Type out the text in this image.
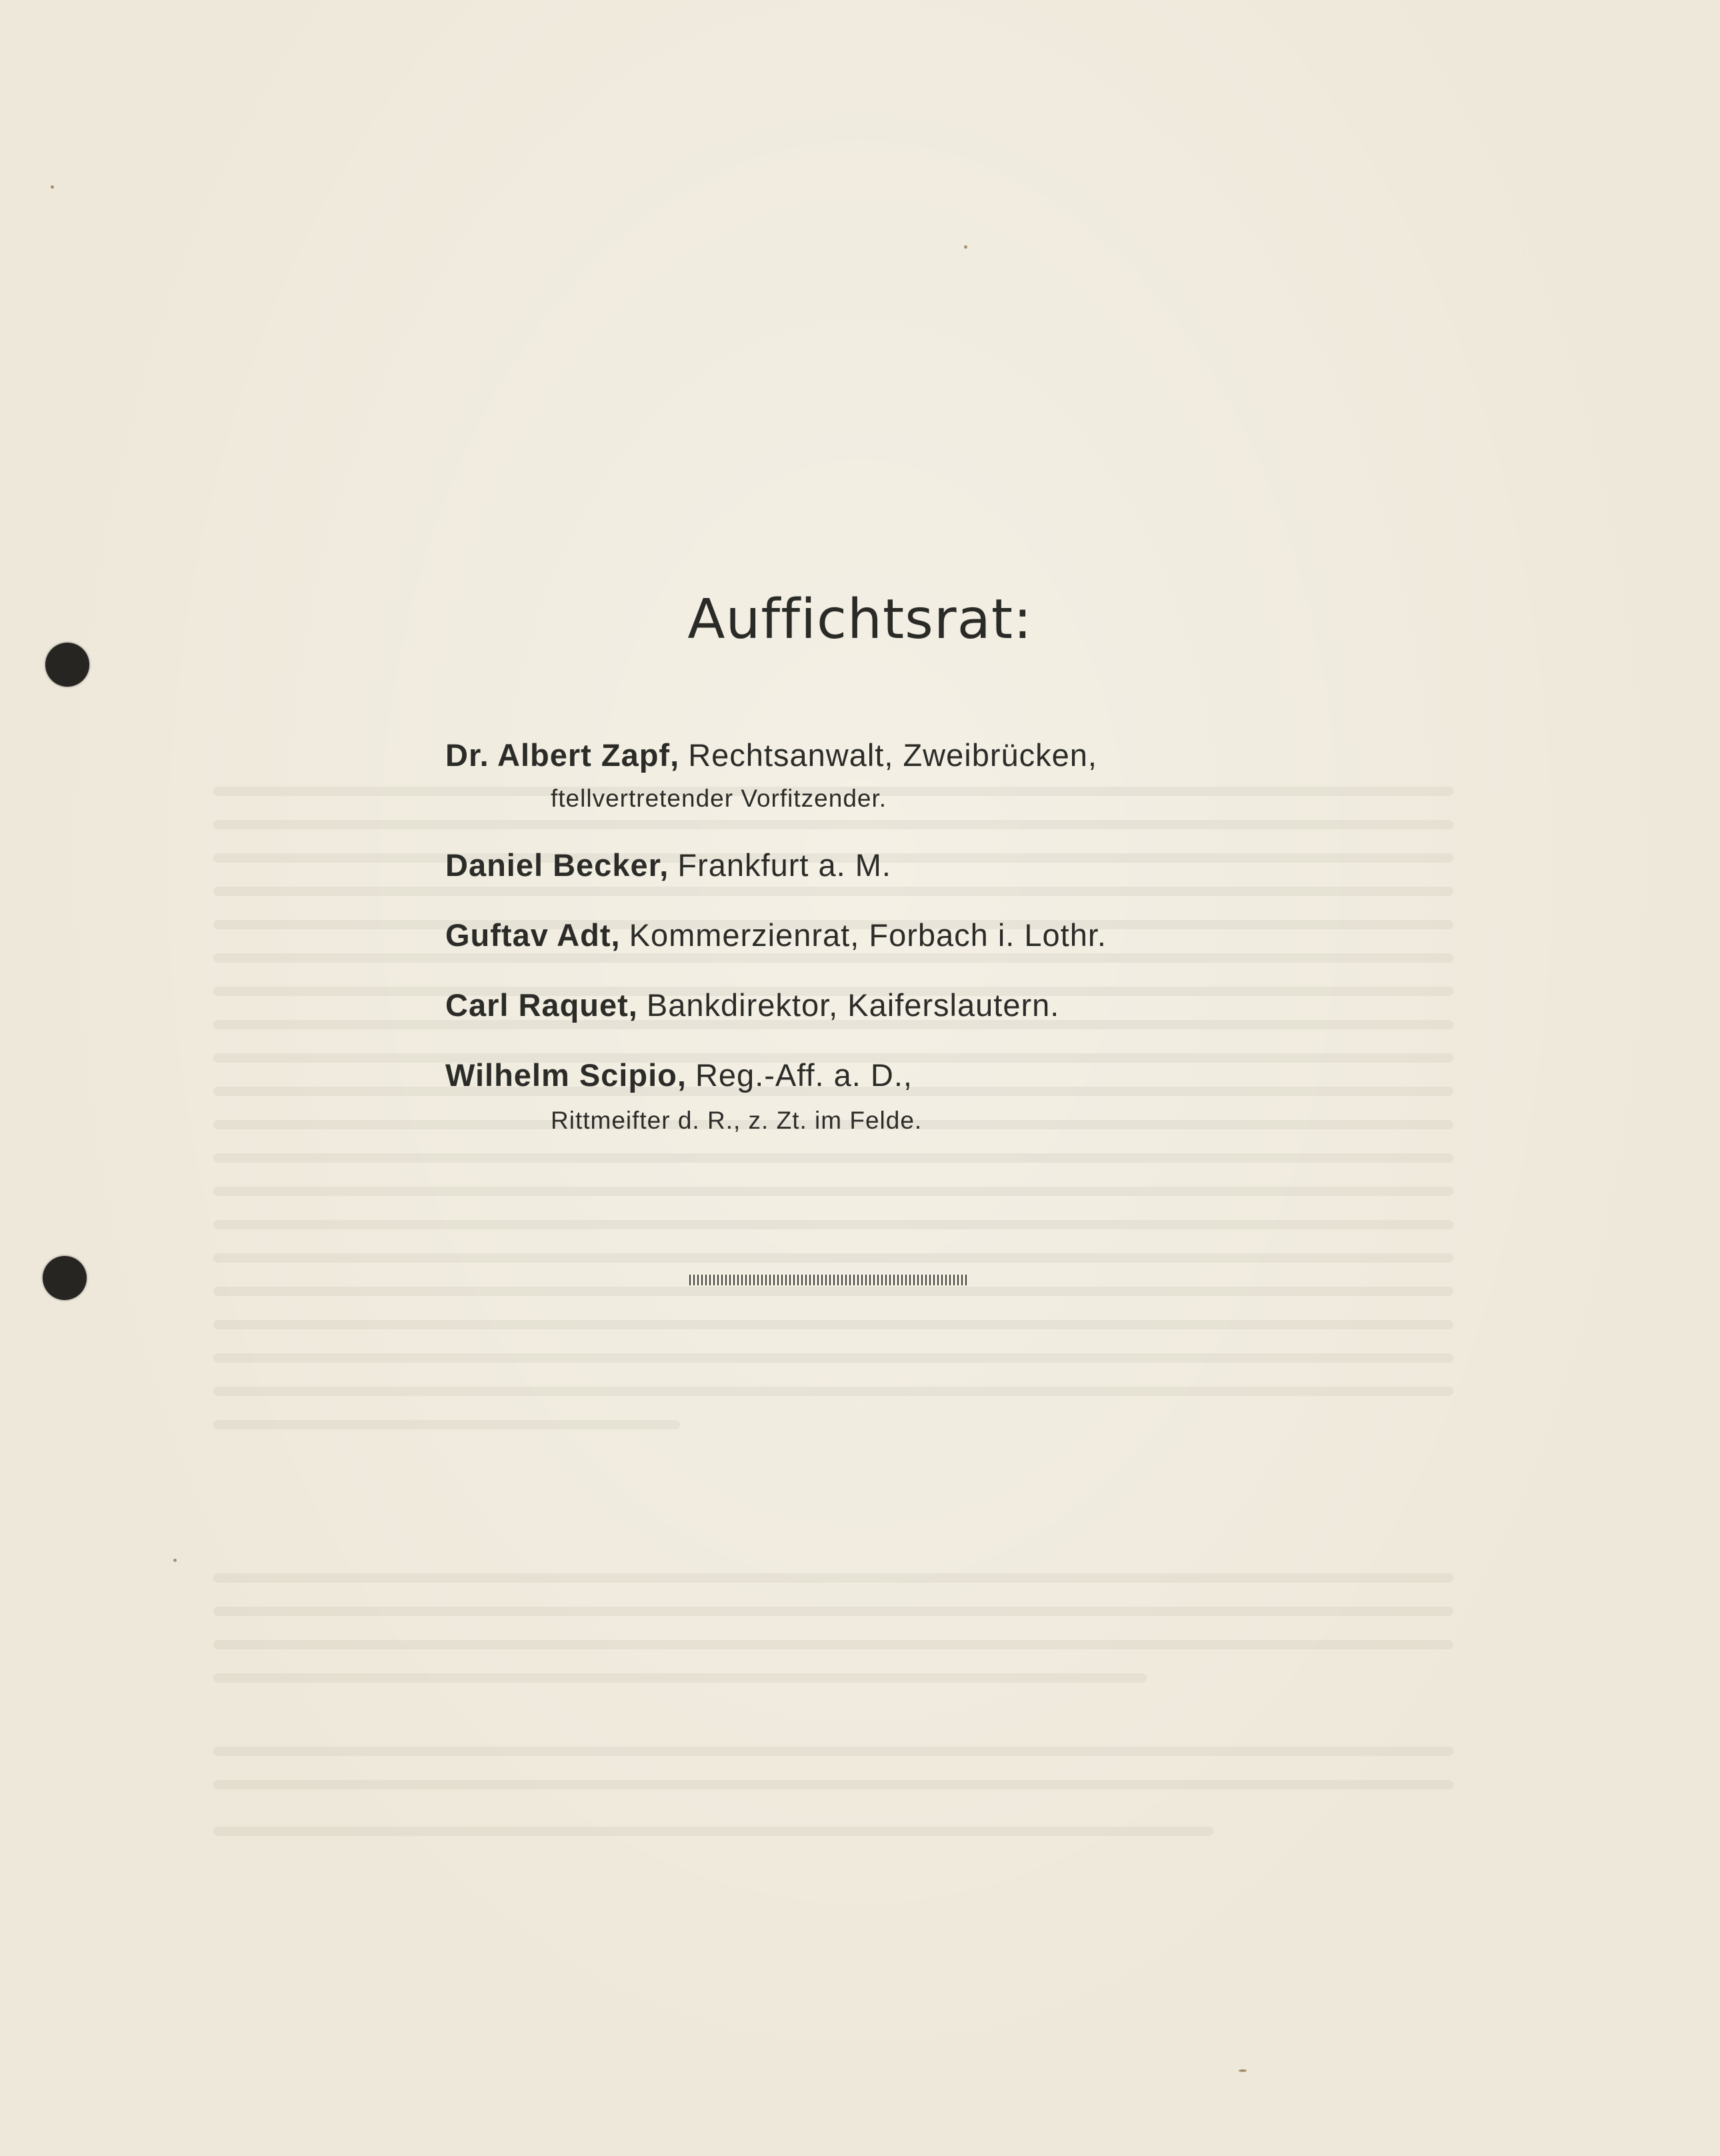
Auffichtsrat:
Dr. Albert Zapf, Rechtsanwalt, Zweibrücken,
ftellvertretender Vorfitzender.
Daniel Becker, Frankfurt a. M.
Guftav Adt, Kommerzienrat, Forbach i. Lothr.
Carl Raquet, Bankdirektor, Kaiferslautern.
Wilhelm Scipio, Reg.-Aff. a. D.,
Rittmeifter d. R., z. Zt. im Felde.
